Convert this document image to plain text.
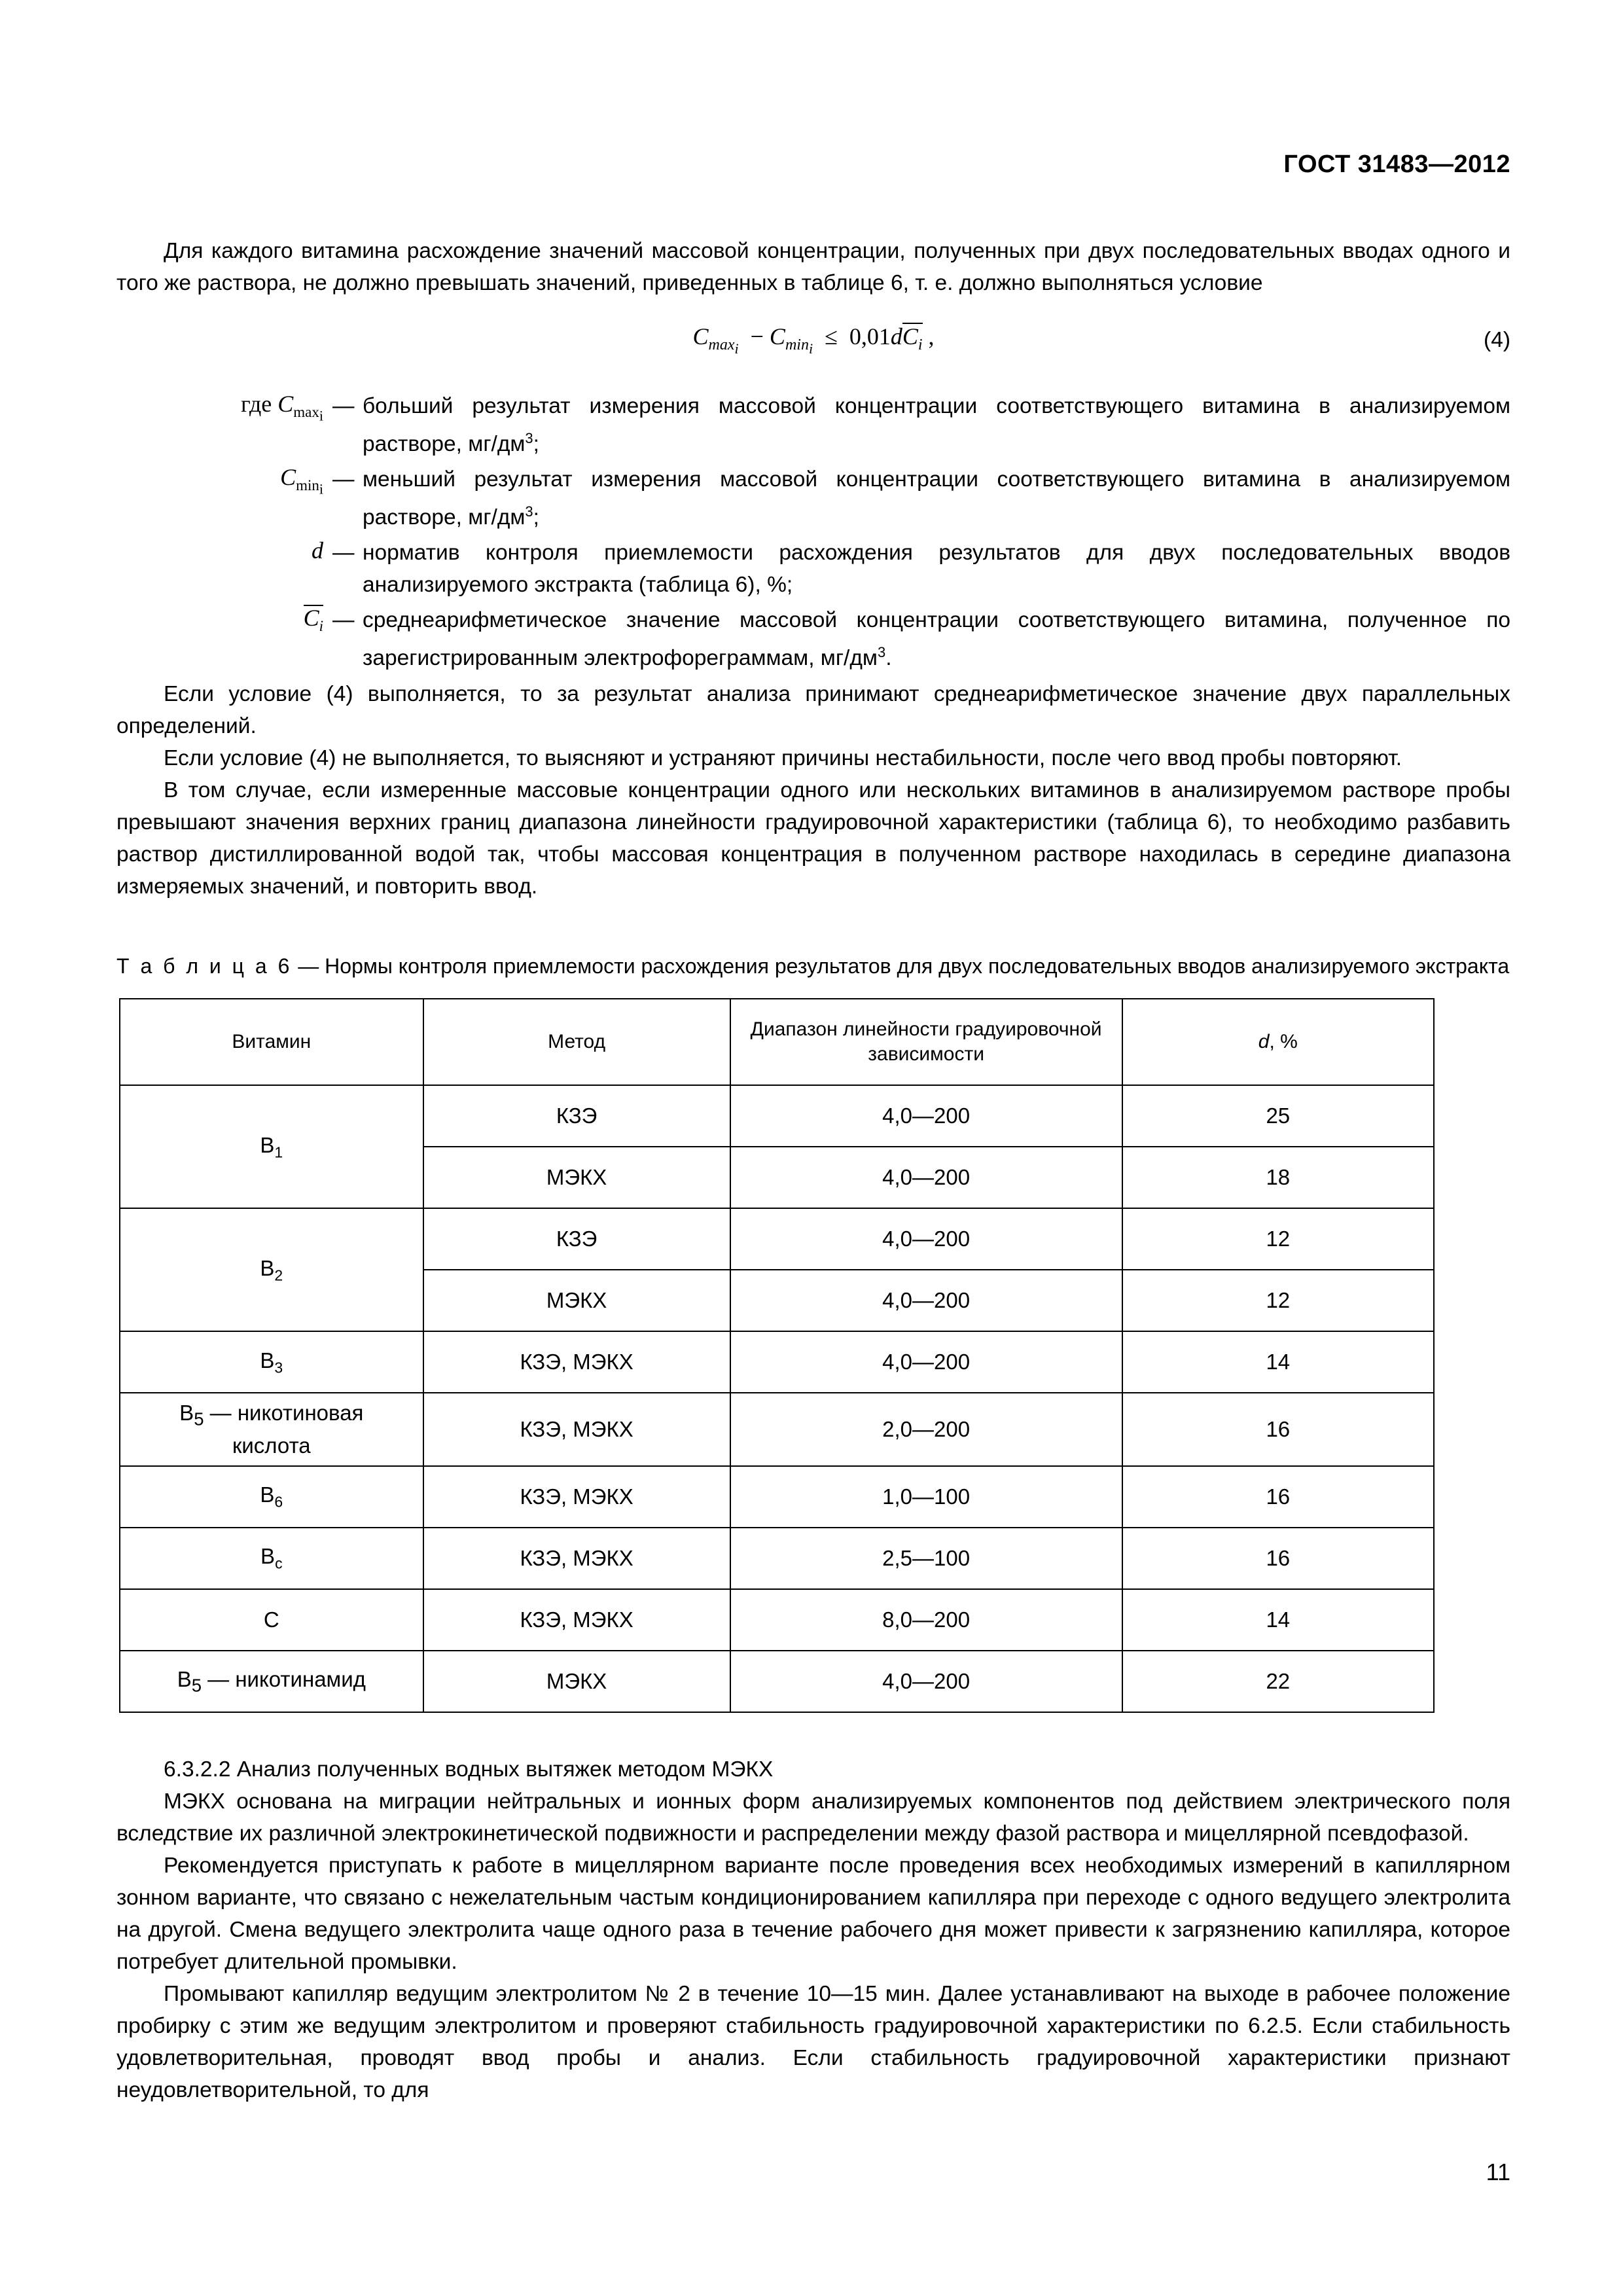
ГОСТ 31483—2012

Для каждого витамина расхождение значений массовой концентрации, полученных при двух последовательных вводах одного и того же раствора, не должно превышать значений, приведенных в таблице 6, т. е. должно выполняться условие

$C_{max_i} - C_{min_i} \le 0,01dC_i$ ,	(4)
где $C_{max_i}$ — больший результат измерения массовой концентрации соответствующего витамина в анализируемом растворе, $мг/дм^3$;
$C_{min_i}$ — меньший результат измерения массовой концентрации соответствующего витамина в анализируемом растворе, $мг/дм^3$;
d — норматив контроля приемлемости расхождения результатов для двух последовательных вводов анализируемого экстракта (таблица 6), %;
$C_i$ — среднеарифметическое значение массовой концентрации соответствующего витамина, полученное по зарегистрированным электрофореграммам, $мг/дм^3$.

Если условие (4) выполняется, то за результат анализа принимают среднеарифметическое значение двух параллельных определений.

Если условие (4) не выполняется, то выясняют и устраняют причины нестабильности, после чего ввод пробы повторяют.

В том случае, если измеренные массовые концентрации одного или нескольких витаминов в анализируемом растворе пробы превышают значения верхних границ диапазона линейности градуировочной характеристики (таблица 6), то необходимо разбавить раствор дистиллированной водой так, чтобы массовая концентрация в полученном растворе находилась в середине диапазона измеряемых значений, и повторить ввод.

Т а б л и ц а 6 — Нормы контроля приемлемости расхождения результатов для двух последовательных вводов анализируемого экстракта
Витамин	Метод	Диапазон линейности градуировочной зависимости	d, %
$В_1$	КЗЭ	4,0—200	25
	МЭКХ	4,0—200	18
$В_2$	КЗЭ	4,0—200	12
	МЭКХ	4,0—200	12
$В_3$	КЗЭ, МЭКХ	4,0—200	14
$В_5$ — никотиновая
кислота	КЗЭ, МЭКХ	2,0—200	16
$В_6$	КЗЭ, МЭКХ	1,0—100	16
$В_с$	КЗЭ, МЭКХ	2,5—100	16
С	КЗЭ, МЭКХ	8,0—200	14
$В_5$ — никотинамид	МЭКХ	4,0—200	22

6.3.2.2 Анализ полученных водных вытяжек методом МЭКХ

МЭКХ основана на миграции нейтральных и ионных форм анализируемых компонентов под действием электрического поля вследствие их различной электрокинетической подвижности и распределении между фазой раствора и мицеллярной псевдофазой.

Рекомендуется приступать к работе в мицеллярном варианте после проведения всех необходимых измерений в капиллярном зонном варианте, что связано с нежелательным частым кондиционированием капилляра при переходе с одного ведущего электролита на другой. Смена ведущего электролита чаще одного раза в течение рабочего дня может привести к загрязнению капилляра, которое потребует длительной промывки.

Промывают капилляр ведущим электролитом № 2 в течение 10—15 мин. Далее устанавливают на выходе в рабочее положение пробирку с этим же ведущим электролитом и проверяют стабильность градуировочной характеристики по 6.2.5. Если стабильность удовлетворительная, проводят ввод пробы и анализ. Если стабильность градуировочной характеристики признают неудовлетворительной, то для

11
